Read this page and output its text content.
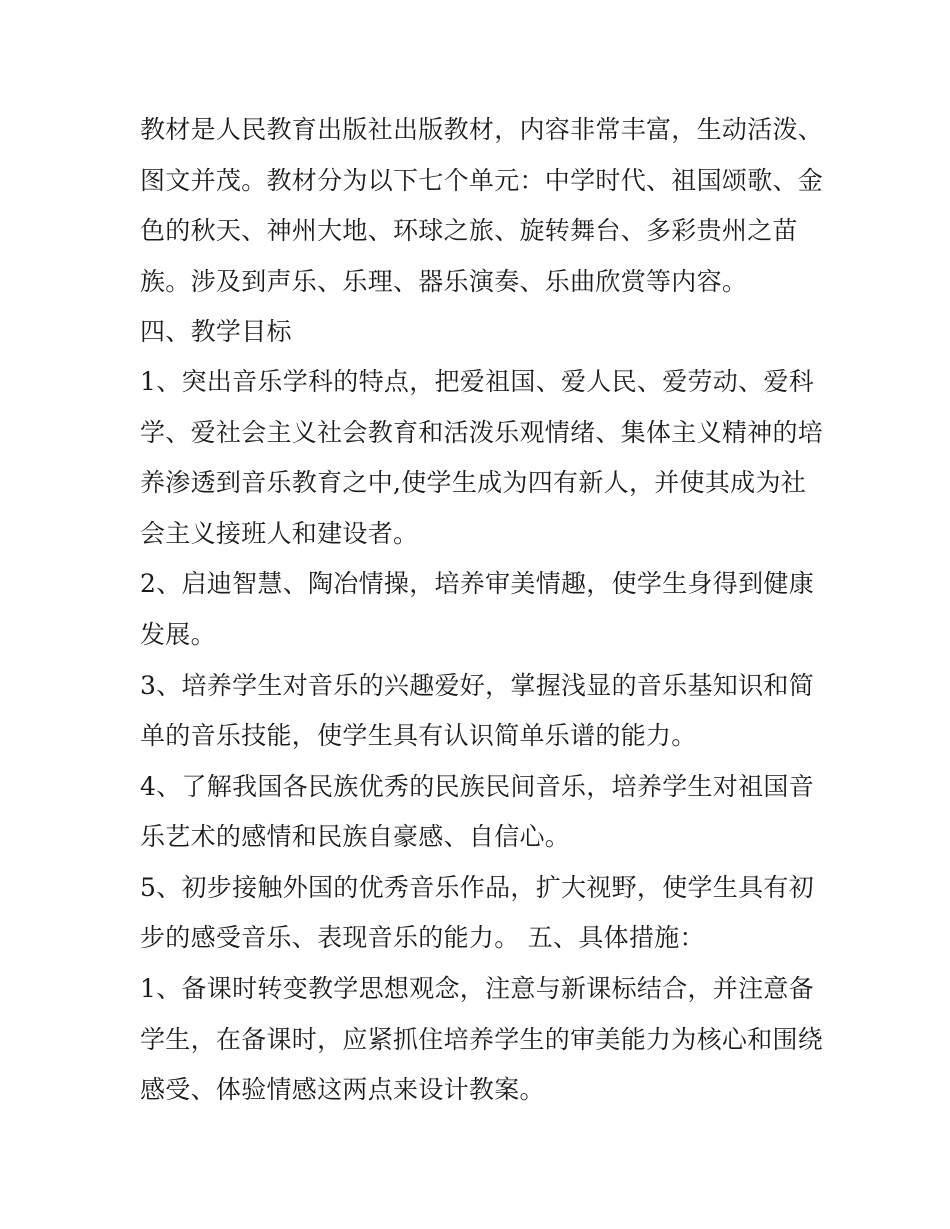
教材是人民教育出版社出版教材，内容非常丰富，生动活泼、
图文并茂。教材分为以下七个单元：中学时代、祖国颂歌、金
色的秋天、神州大地、环球之旅、旋转舞台、多彩贵州之苗
族。涉及到声乐、乐理、器乐演奏、乐曲欣赏等内容。
四、教学目标
1、突出音乐学科的特点，把爱祖国、爱人民、爱劳动、爱科
学、爱社会主义社会教育和活泼乐观情绪、集体主义精神的培
养渗透到音乐教育之中,使学生成为四有新人，并使其成为社
会主义接班人和建设者。
2、启迪智慧、陶冶情操，培养审美情趣，使学生身得到健康
发展。
3、培养学生对音乐的兴趣爱好，掌握浅显的音乐基知识和简
单的音乐技能，使学生具有认识简单乐谱的能力。
4、了解我国各民族优秀的民族民间音乐，培养学生对祖国音
乐艺术的感情和民族自豪感、自信心。
5、初步接触外国的优秀音乐作品，扩大视野，使学生具有初
步的感受音乐、表现音乐的能力。 五、具体措施：
1、备课时转变教学思想观念，注意与新课标结合，并注意备
学生，在备课时，应紧抓住培养学生的审美能力为核心和围绕
感受、体验情感这两点来设计教案。
